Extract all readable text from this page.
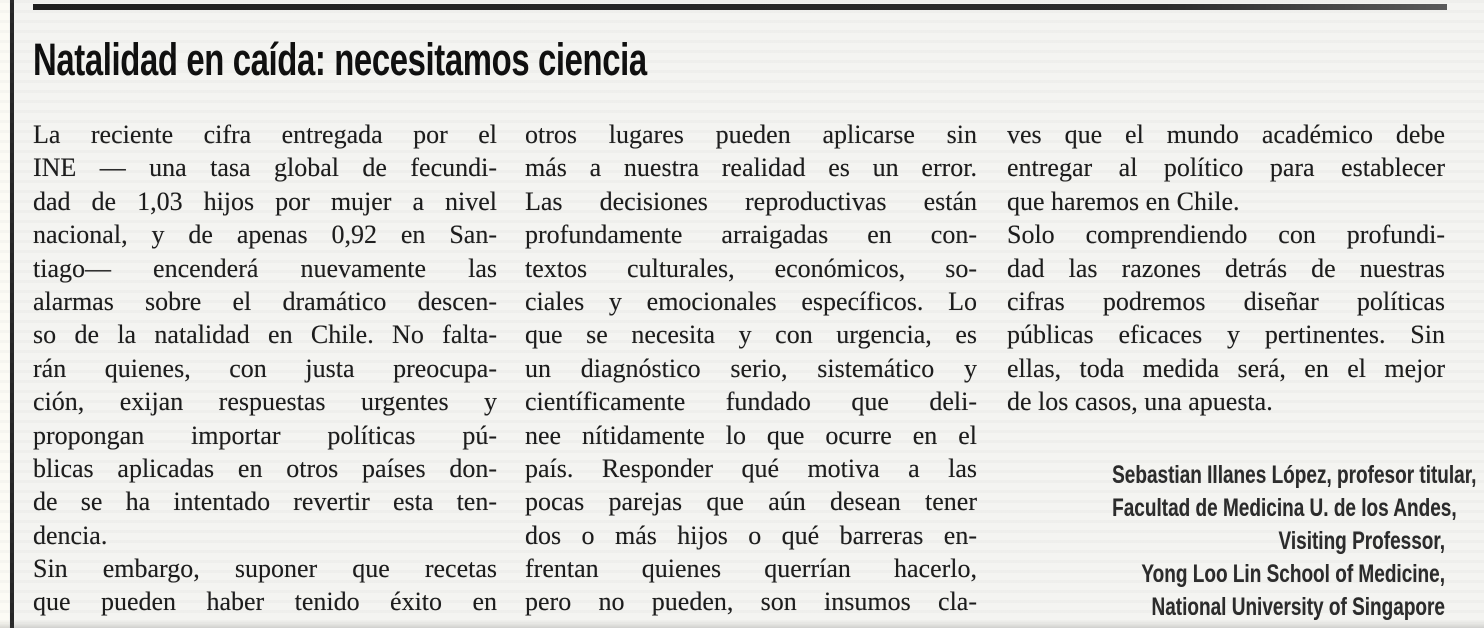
Natalidad en caída: necesitamos ciencia
La reciente cifra entregada por el
INE — una tasa global de fecundi-
dad de 1,03 hijos por mujer a nivel
nacional, y de apenas 0,92 en San-
tiago— encenderá nuevamente las
alarmas sobre el dramático descen-
so de la natalidad en Chile. No falta-
rán quienes, con justa preocupa-
ción, exijan respuestas urgentes y
propongan importar políticas pú-
blicas aplicadas en otros países don-
de se ha intentado revertir esta ten-
dencia.
Sin embargo, suponer que recetas
que pueden haber tenido éxito en
otros lugares pueden aplicarse sin
más a nuestra realidad es un error.
Las decisiones reproductivas están
profundamente arraigadas en con-
textos culturales, económicos, so-
ciales y emocionales específicos. Lo
que se necesita y con urgencia, es
un diagnóstico serio, sistemático y
científicamente fundado que deli-
nee nítidamente lo que ocurre en el
país. Responder qué motiva a las
pocas parejas que aún desean tener
dos o más hijos o qué barreras en-
frentan quienes querrían hacerlo,
pero no pueden, son insumos cla-
ves que el mundo académico debe
entregar al político para establecer
que haremos en Chile.
Solo comprendiendo con profundi-
dad las razones detrás de nuestras
cifras podremos diseñar políticas
públicas eficaces y pertinentes. Sin
ellas, toda medida será, en el mejor
de los casos, una apuesta.
Sebastian Illanes López, profesor titular,
Facultad de Medicina U. de los Andes,
Visiting Professor,
Yong Loo Lin School of Medicine,
National University of Singapore
